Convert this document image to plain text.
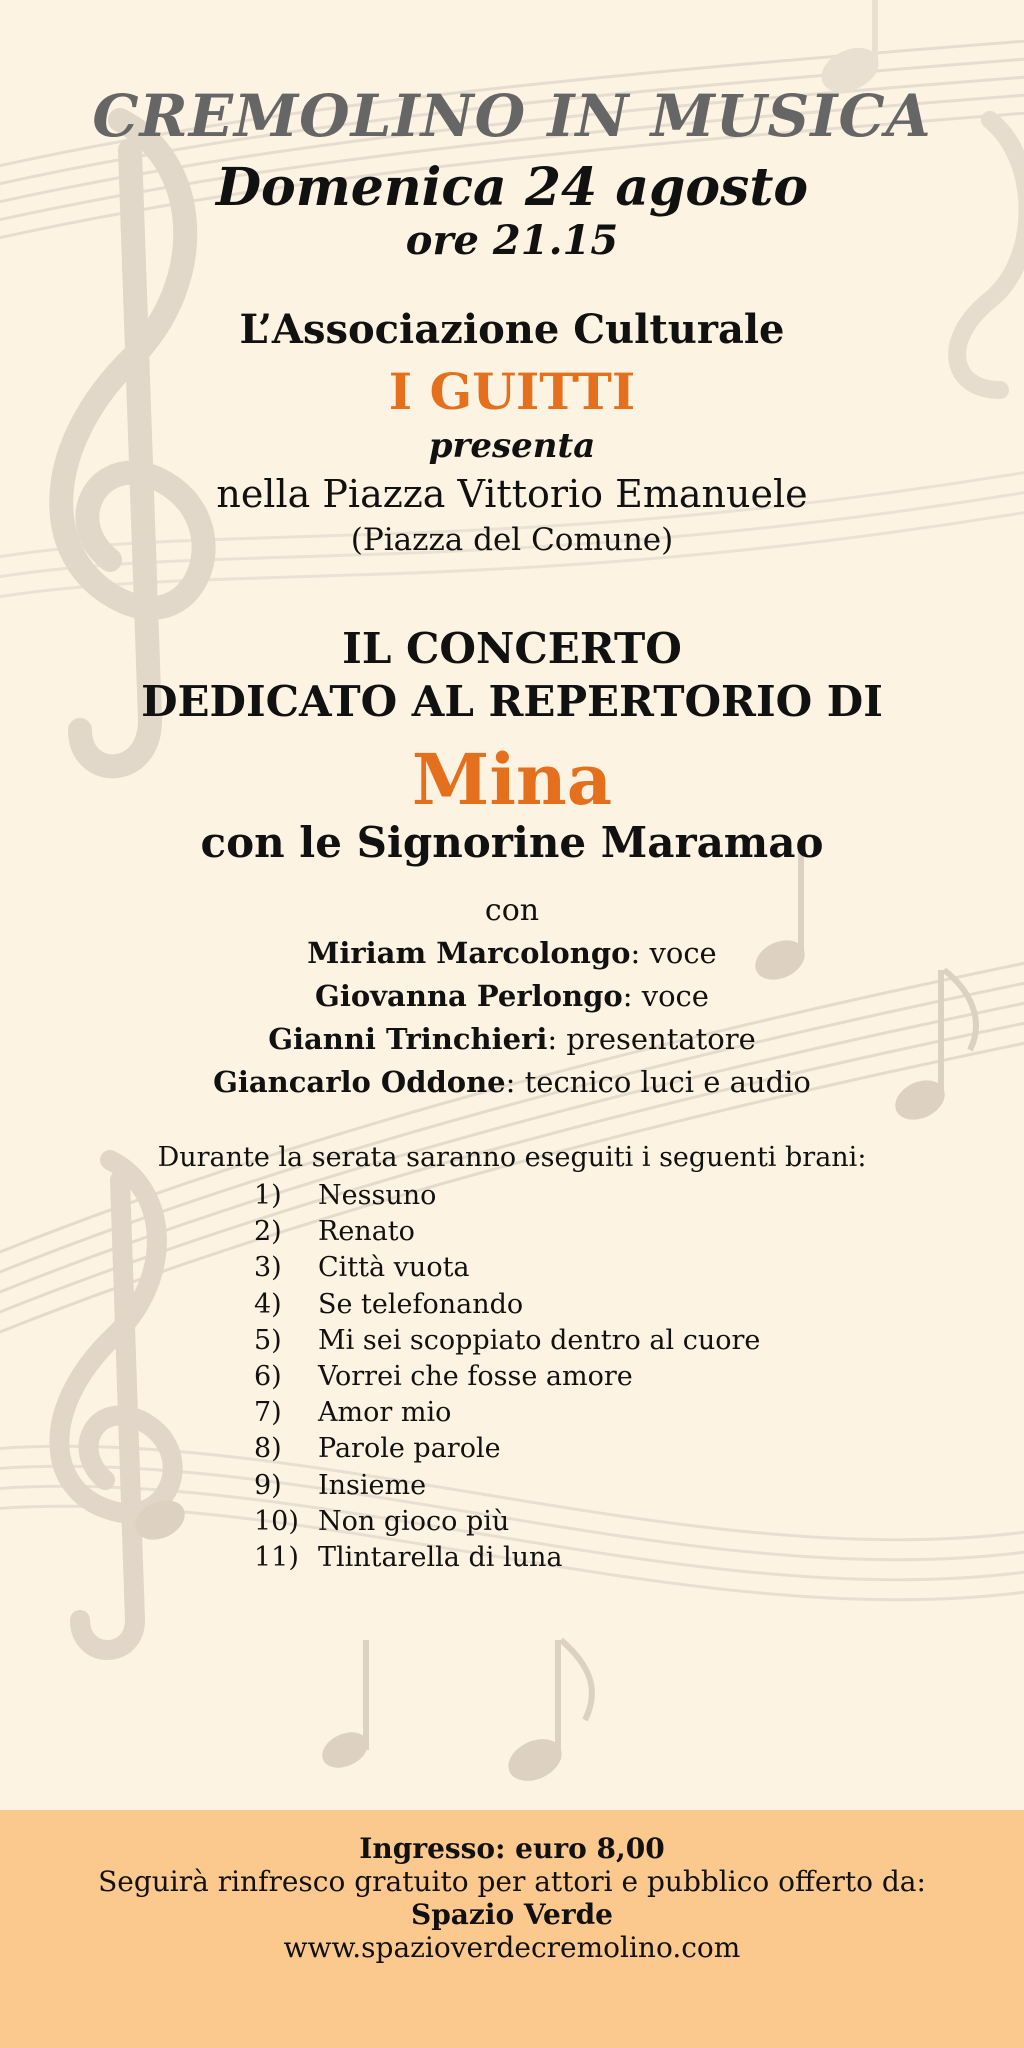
CREMOLINO IN MUSICA
Domenica 24 agosto
ore 21.15
L’Associazione Culturale
I GUITTI
presenta
nella Piazza Vittorio Emanuele
(Piazza del Comune)
IL CONCERTO
DEDICATO AL REPERTORIO DI
Mina
con le Signorine Maramao
con
Miriam Marcolongo: voce
Giovanna Perlongo: voce
Gianni Trinchieri: presentatore
Giancarlo Oddone: tecnico luci e audio
Durante la serata saranno eseguiti i seguenti brani:
1) Nessuno
2) Renato
3) Città vuota
4) Se telefonando
5) Mi sei scoppiato dentro al cuore
6) Vorrei che fosse amore
7) Amor mio
8) Parole parole
9) Insieme
10) Non gioco più
11) Tlintarella di luna
Ingresso: euro 8,00
Seguirà rinfresco gratuito per attori e pubblico offerto da:
Spazio Verde
www.spazioverdecremolino.com
